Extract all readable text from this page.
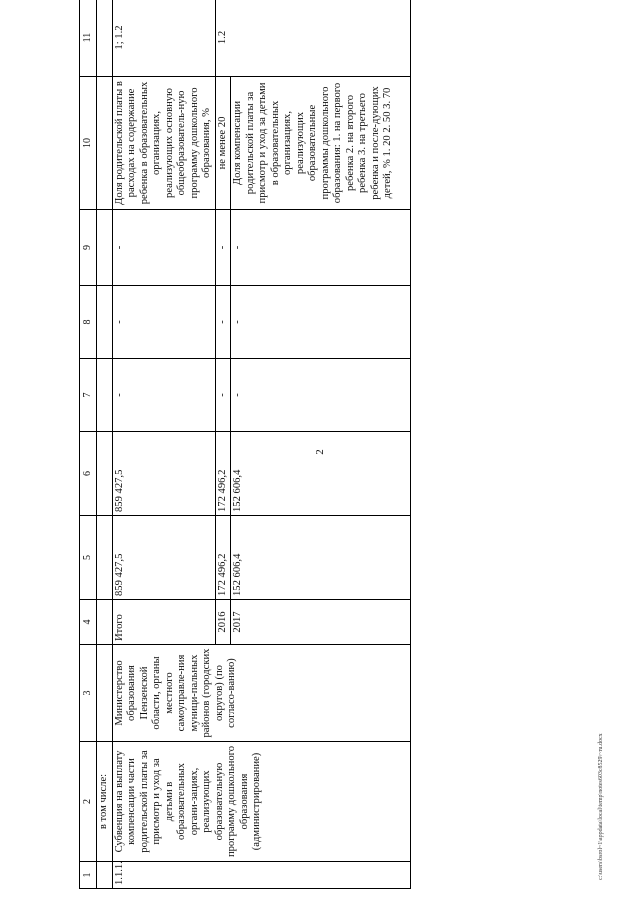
2
1	2	3	4	5	6	7	8	9	10	11
	в том числе:									
1.1.1.	Субвенция на выплату компенсации части родительской платы за присмотр и уход за детьми в образовательных органи-зациях, реализующих образовательную программу дошкольного образования (администрирование)	Министерство образования Пензенской области, органы местного самоуправле-ния муници-пальных районов (городских округов) (по согласо-ванию)	Итого	859 427,5	859 427,5	-	-	-	Доля родительской платы в расходах на содержание ребенка в образовательных организациях, реализующих основную общеобразователь-ную программу дошкольного образования, %	1; 1.2
			2016	172 496,2	172 496,2	-	-	-	не менее 20	1.2
			2017	152 606,4	152 606,4	-	-	-	Доля компенсации родительской платы за присмотр и уход за детьми в образовательных организациях, реализующих образовательные программы дошкольного образования: 1. на первого ребенка 2. на второго ребенка 3. на третьего ребенка и после-дующих детей, % 1. 20 2. 50 3. 70	
c:\users\bsrol~1\appdata\local\temp\notes603c8529\~ru.docx
